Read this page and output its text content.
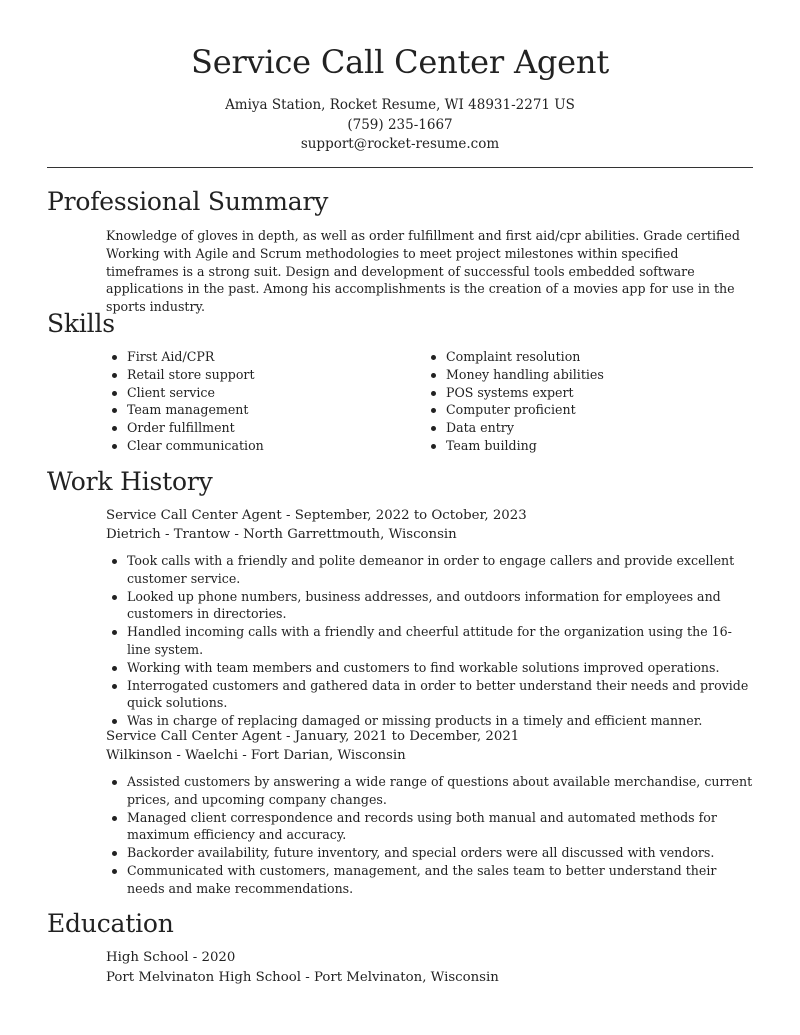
Service Call Center Agent
Amiya Station, Rocket Resume, WI 48931-2271 US
(759) 235-1667
support@rocket-resume.com
Professional Summary
Knowledge of gloves in depth, as well as order fulfillment and first aid/cpr abilities. Grade certified Working with Agile and Scrum methodologies to meet project milestones within specified timeframes is a strong suit. Design and development of successful tools embedded software applications in the past. Among his accomplishments is the creation of a movies app for use in the sports industry.
Skills
First Aid/CPR
Retail store support
Client service
Team management
Order fulfillment
Clear communication
Complaint resolution
Money handling abilities
POS systems expert
Computer proficient
Data entry
Team building
Work History
Service Call Center Agent - September, 2022 to October, 2023
Dietrich - Trantow - North Garrettmouth, Wisconsin
Took calls with a friendly and polite demeanor in order to engage callers and provide excellent customer service.
Looked up phone numbers, business addresses, and outdoors information for employees and customers in directories.
Handled incoming calls with a friendly and cheerful attitude for the organization using the 16-line system.
Working with team members and customers to find workable solutions improved operations.
Interrogated customers and gathered data in order to better understand their needs and provide quick solutions.
Was in charge of replacing damaged or missing products in a timely and efficient manner.
Service Call Center Agent - January, 2021 to December, 2021
Wilkinson - Waelchi - Fort Darian, Wisconsin
Assisted customers by answering a wide range of questions about available merchandise, current prices, and upcoming company changes.
Managed client correspondence and records using both manual and automated methods for maximum efficiency and accuracy.
Backorder availability, future inventory, and special orders were all discussed with vendors.
Communicated with customers, management, and the sales team to better understand their needs and make recommendations.
Education
High School - 2020
Port Melvinaton High School - Port Melvinaton, Wisconsin
